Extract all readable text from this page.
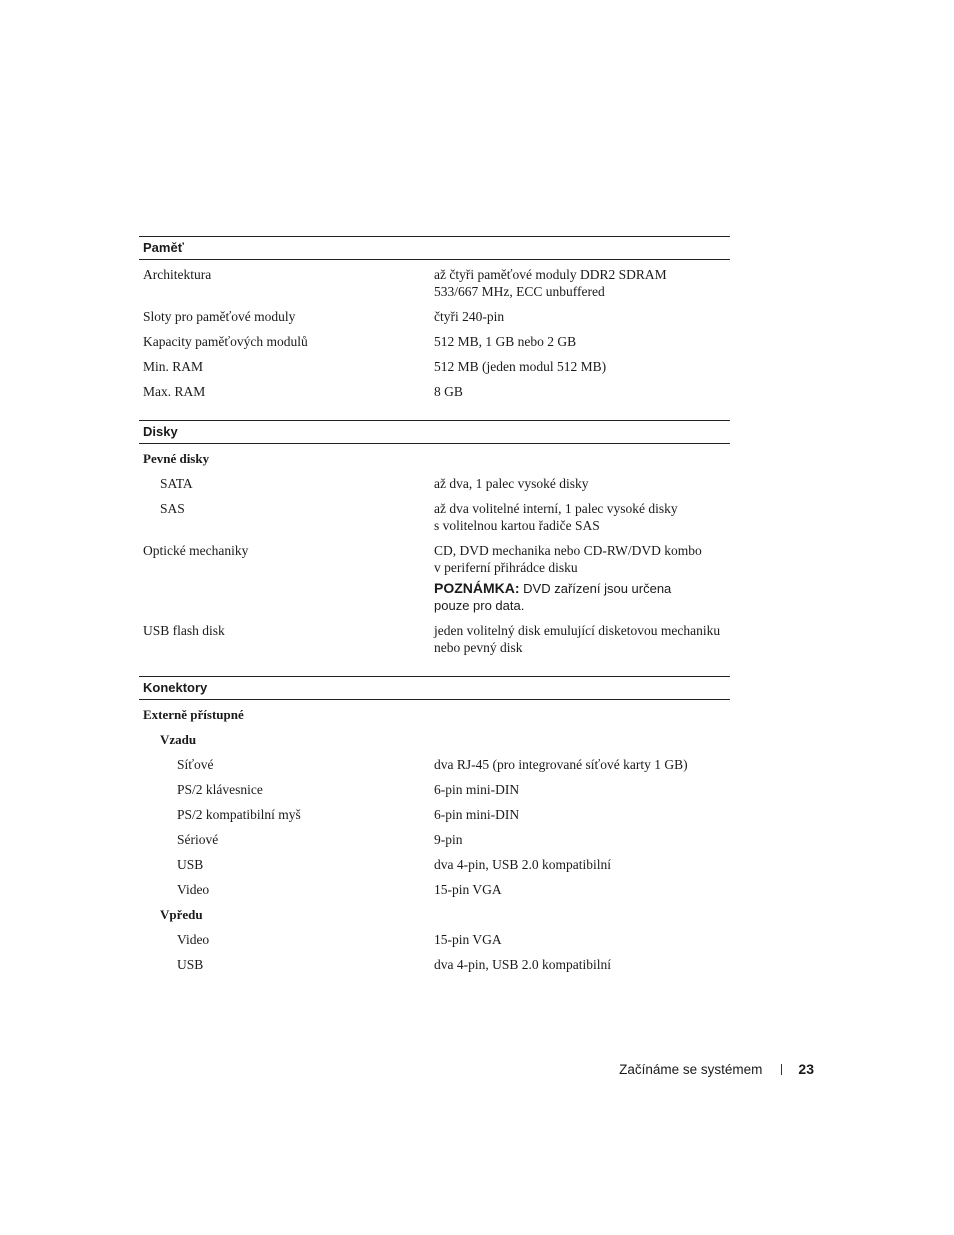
Paměť
Architektura	až čtyři paměťové moduly DDR2 SDRAM
533/667 MHz, ECC unbuffered
Sloty pro paměťové moduly	čtyři 240-pin
Kapacity paměťových modulů	512 MB, 1 GB nebo 2 GB
Min. RAM	512 MB (jeden modul 512 MB)
Max. RAM	8 GB
Disky
Pevné disky
SATA	až dva, 1 palec vysoké disky
SAS	až dva volitelné interní, 1 palec vysoké disky
s volitelnou kartou řadiče SAS
Optické mechaniky	CD, DVD mechanika nebo CD-RW/DVD kombo
v periferní přihrádce disku
POZNÁMKA: DVD zařízení jsou určena
pouze pro data.
USB flash disk	jeden volitelný disk emulující disketovou mechaniku
nebo pevný disk
Konektory
Externě přístupné
Vzadu
Síťové	dva RJ-45 (pro integrované síťové karty 1 GB)
PS/2 klávesnice	6-pin mini-DIN
PS/2 kompatibilní myš	6-pin mini-DIN
Sériové	9-pin
USB	dva 4-pin, USB 2.0 kompatibilní
Video	15-pin VGA
Vpředu
Video	15-pin VGA
USB	dva 4-pin, USB 2.0 kompatibilní
Začínáme se systémem	23
